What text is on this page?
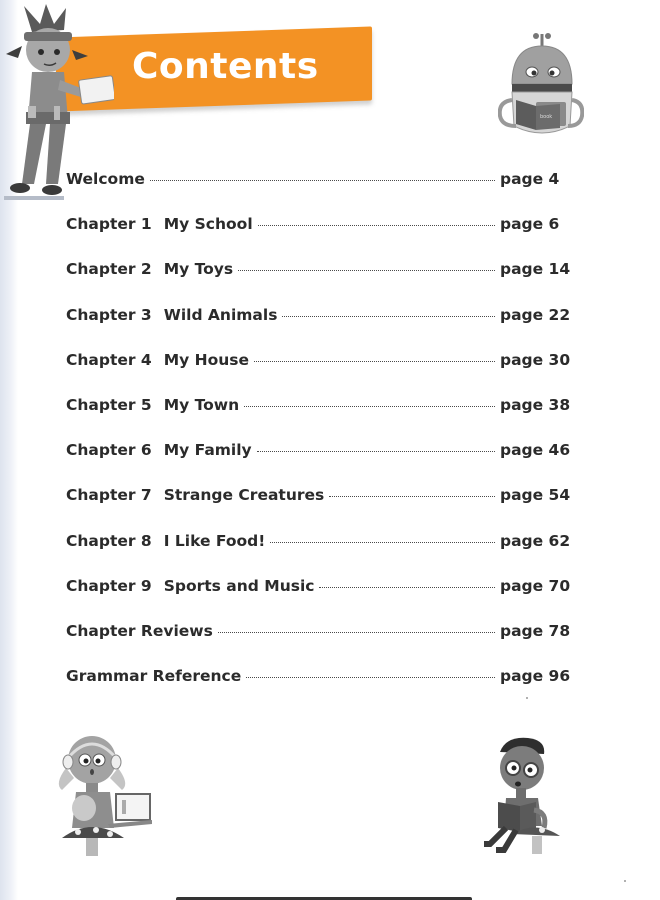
Contents
book
Welcome	page 4
Chapter 1 My School	page 6
Chapter 2 My Toys	page 14
Chapter 3 Wild Animals	page 22
Chapter 4 My House	page 30
Chapter 5 My Town	page 38
Chapter 6 My Family	page 46
Chapter 7 Strange Creatures	page 54
Chapter 8 I Like Food!	page 62
Chapter 9 Sports and Music	page 70
Chapter Reviews	page 78
Grammar Reference	page 96
